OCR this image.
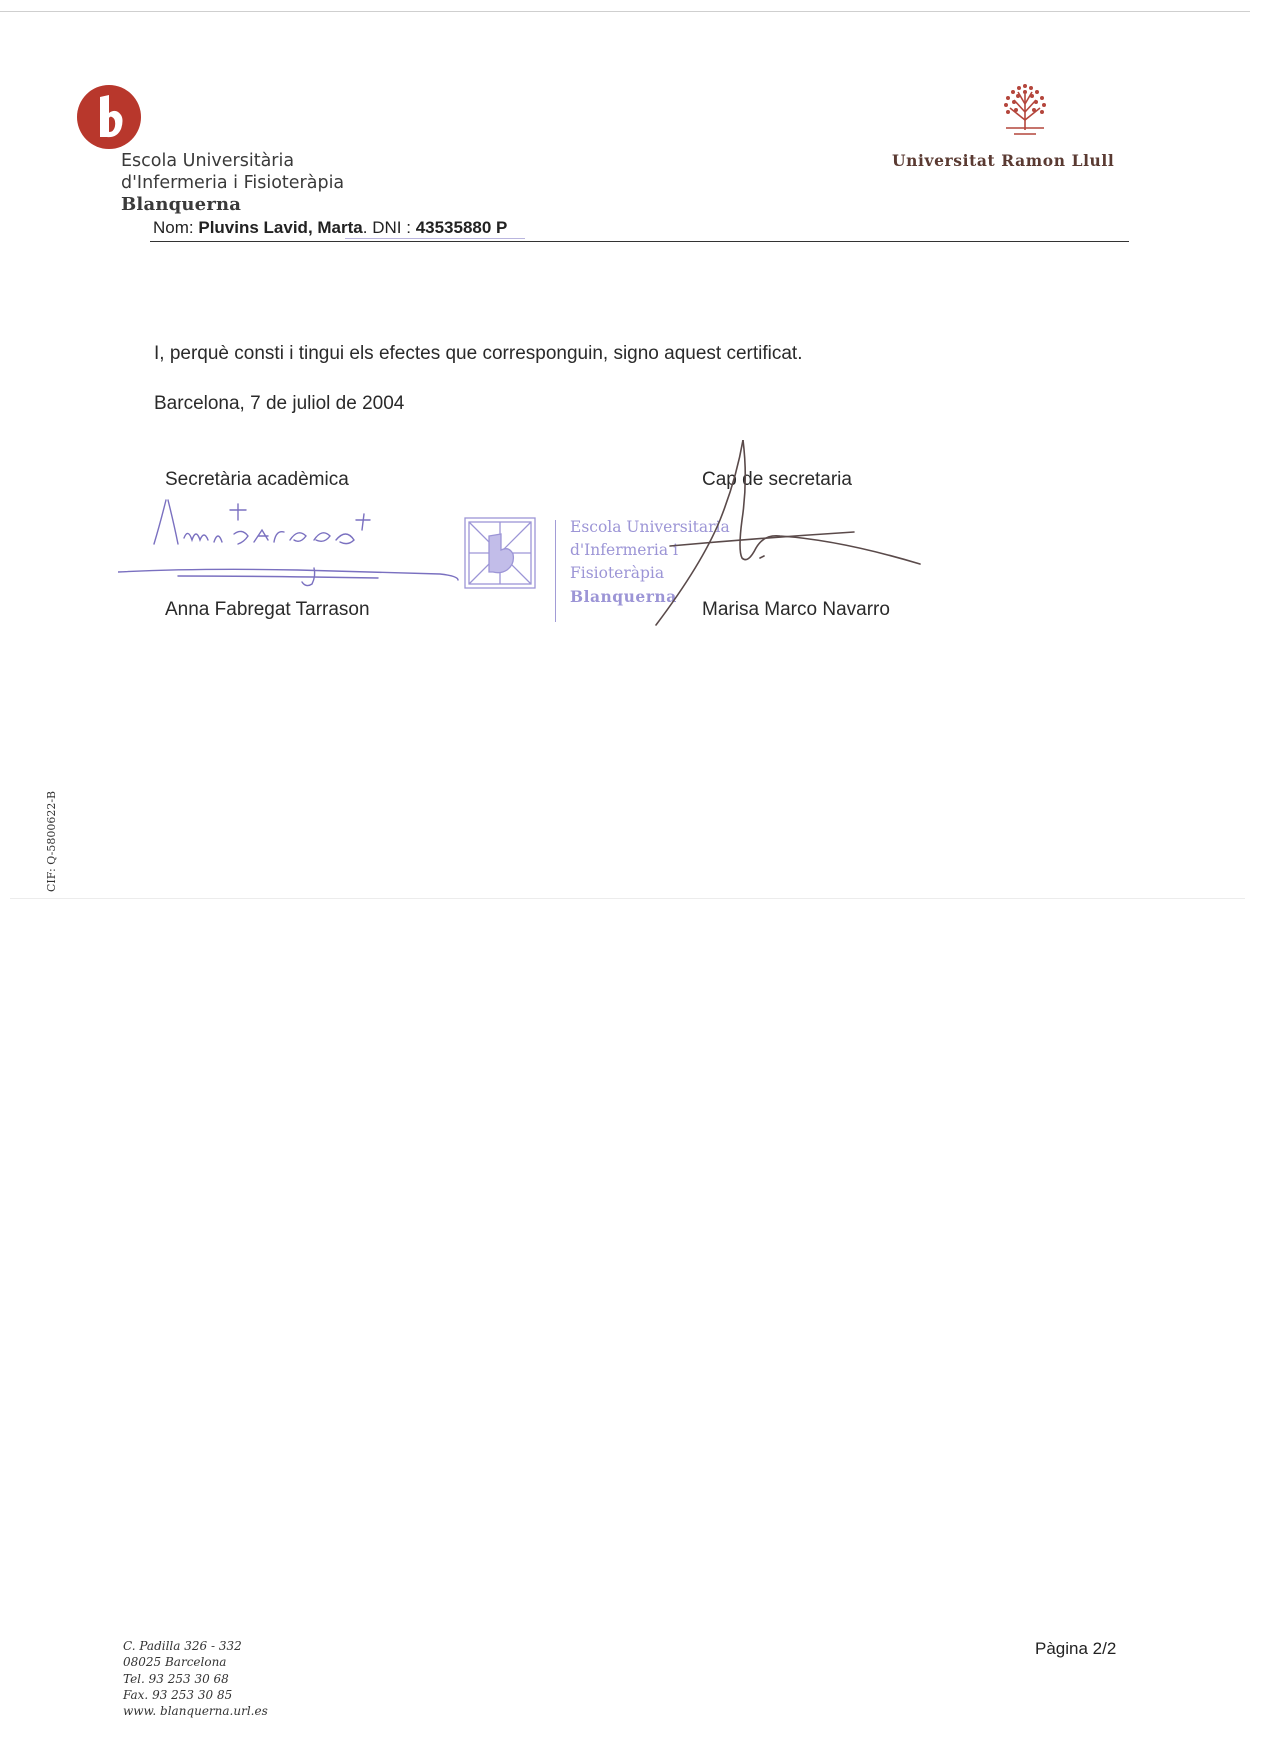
Escola Universitària
d'Infermeria i Fisioteràpia
Blanquerna
Universitat Ramon Llull
Nom: Pluvins Lavid, Marta. DNI : 43535880 P
I, perquè consti i tingui els efectes que corresponguin, signo aquest certificat.
Barcelona, 7 de juliol de 2004
Secretària acadèmica	Cap de secretaria
Escola Universitaria
d'Infermeria i
Fisioteràpia
Blanquerna
Anna Fabregat Tarrason	Marisa Marco Navarro
CIF: Q-5800622-B
C. Padilla 326 - 332
08025 Barcelona
Tel. 93 253 30 68
Fax. 93 253 30 85
www. blanquerna.url.es
Pàgina 2/2
